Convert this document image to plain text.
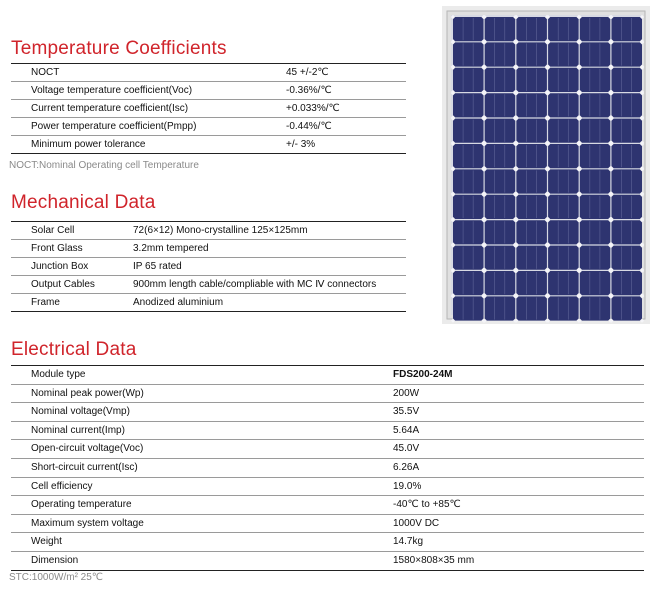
Temperature Coefficients
NOCT	45 +/-2℃
Voltage temperature coefficient(Voc)	-0.36%/℃
Current temperature coefficient(Isc)	+0.033%/℃
Power temperature coefficient(Pmpp)	-0.44%/℃
Minimum power tolerance	+/- 3%
NOCT:Nominal Operating cell Temperature
Mechanical Data
Solar Cell	72(6×12) Mono-crystalline 125×125mm
Front Glass	3.2mm tempered
Junction Box	IP 65 rated
Output Cables	900mm length cable/compliable with MC Ⅳ connectors
Frame	Anodized aluminium
Electrical Data
Module type	FDS200-24M
Nominal peak power(Wp)	200W
Nominal voltage(Vmp)	35.5V
Nominal current(Imp)	5.64A
Open-circuit voltage(Voc)	45.0V
Short-circuit current(Isc)	6.26A
Cell efficiency	19.0%
Operating temperature	-40℃ to +85℃
Maximum system voltage	1000V DC
Weight	14.7kg
Dimension	1580×808×35 mm
STC:1000W/m² 25℃
